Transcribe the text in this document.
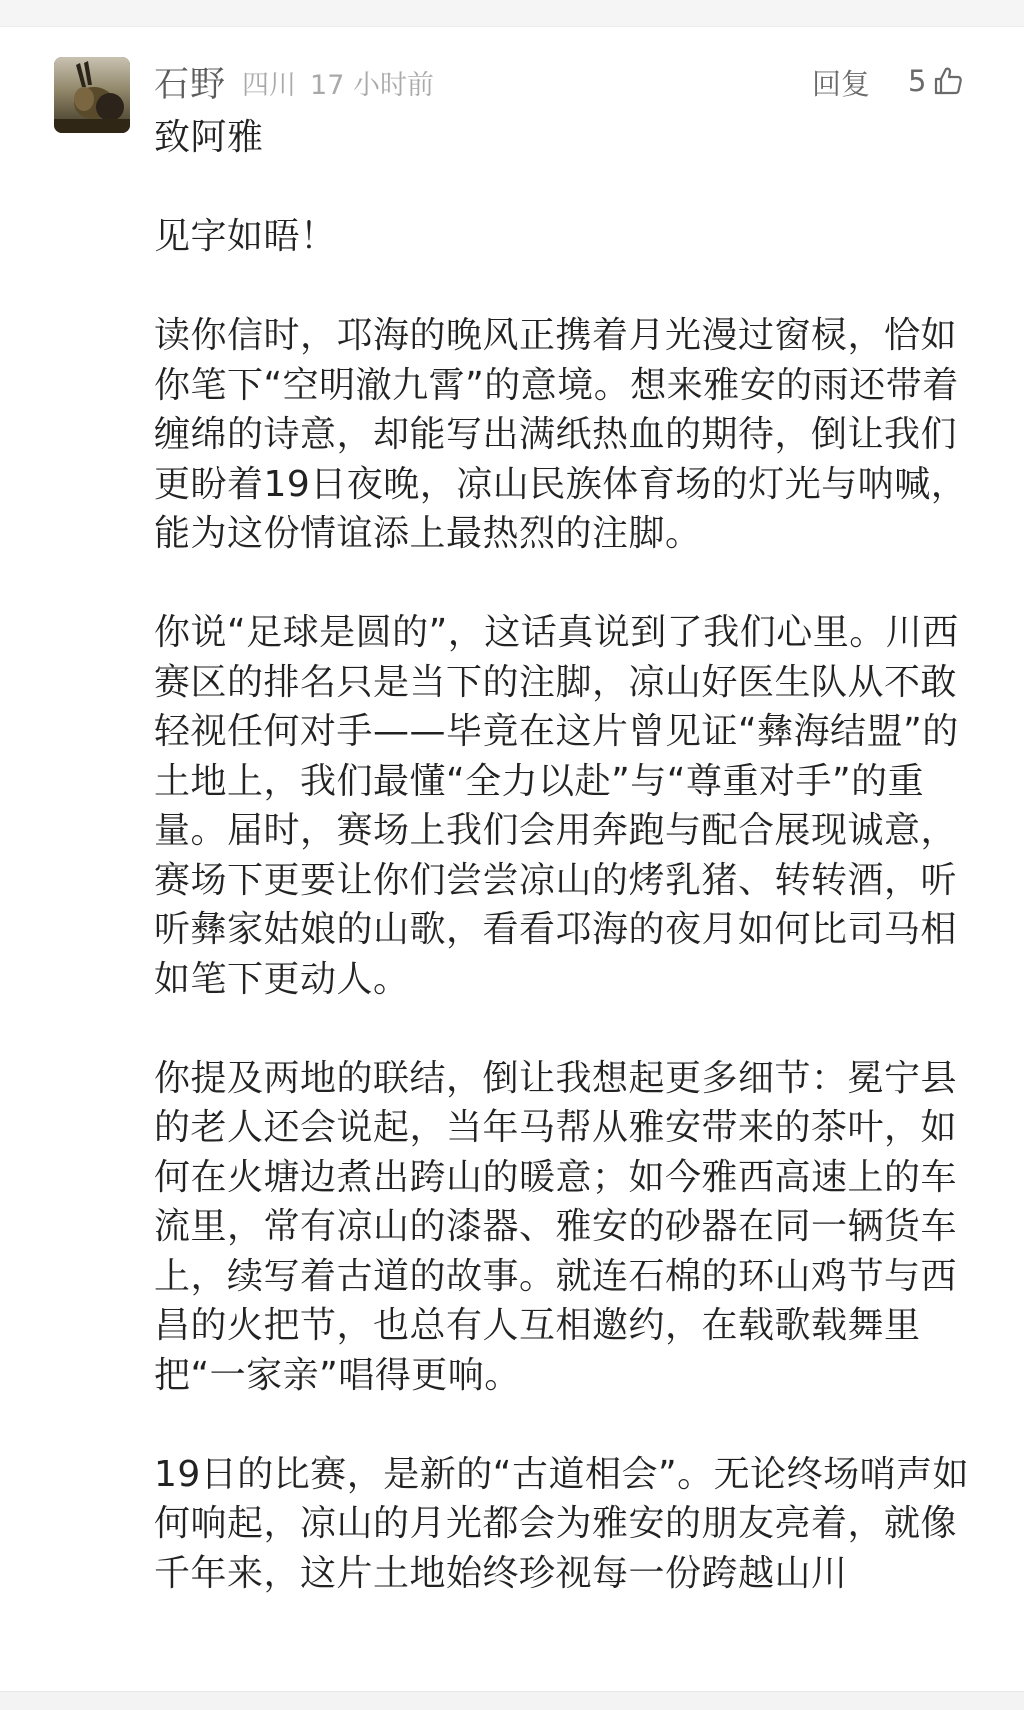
石野 四川 17 小时前	回复 5

致阿雅

见字如晤！

读你信时，邛海的晚风正携着月光漫过窗棂，恰如你笔下“空明澈九霄”的意境。想来雅安的雨还带着缠绵的诗意，却能写出满纸热血的期待，倒让我们更盼着19日夜晚，凉山民族体育场的灯光与呐喊，能为这份情谊添上最热烈的注脚。

你说“足球是圆的”，这话真说到了我们心里。川西赛区的排名只是当下的注脚，凉山好医生队从不敢轻视任何对手——毕竟在这片曾见证“彝海结盟”的土地上，我们最懂“全力以赴”与“尊重对手”的重量。届时，赛场上我们会用奔跑与配合展现诚意，赛场下更要让你们尝尝凉山的烤乳猪、转转酒，听听彝家姑娘的山歌，看看邛海的夜月如何比司马相如笔下更动人。

你提及两地的联结，倒让我想起更多细节：冕宁县的老人还会说起，当年马帮从雅安带来的茶叶，如何在火塘边煮出跨山的暖意；如今雅西高速上的车流里，常有凉山的漆器、雅安的砂器在同一辆货车上，续写着古道的故事。就连石棉的环山鸡节与西昌的火把节，也总有人互相邀约，在载歌载舞里把“一家亲”唱得更响。

19日的比赛，是新的“古道相会”。无论终场哨声如何响起，凉山的月光都会为雅安的朋友亮着，就像千年来，这片土地始终珍视每一份跨越山川
